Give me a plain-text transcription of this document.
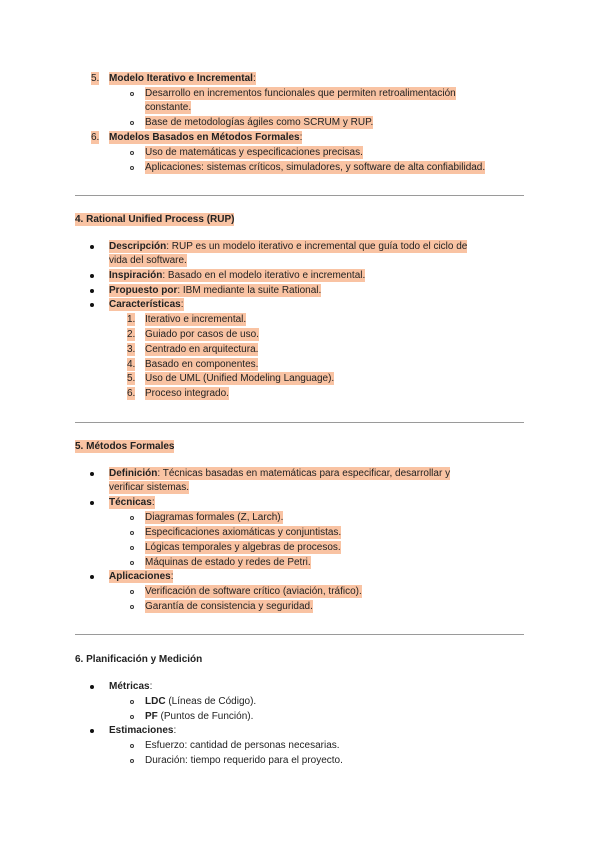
5. Modelo Iterativo e Incremental:
Desarrollo en incrementos funcionales que permiten retroalimentación
constante.
Base de metodologías ágiles como SCRUM y RUP.
6. Modelos Basados en Métodos Formales:
Uso de matemáticas y especificaciones precisas.
Aplicaciones: sistemas críticos, simuladores, y software de alta confiabilidad.
4. Rational Unified Process (RUP)
Descripción: RUP es un modelo iterativo e incremental que guía todo el ciclo de
vida del software.
Inspiración: Basado en el modelo iterativo e incremental.
Propuesto por: IBM mediante la suite Rational.
Características:
1. Iterativo e incremental.
2. Guiado por casos de uso.
3. Centrado en arquitectura.
4. Basado en componentes.
5. Uso de UML (Unified Modeling Language).
6. Proceso integrado.
5. Métodos Formales
Definición: Técnicas basadas en matemáticas para especificar, desarrollar y
verificar sistemas.
Técnicas:
Diagramas formales (Z, Larch).
Especificaciones axiomáticas y conjuntistas.
Lógicas temporales y algebras de procesos.
Máquinas de estado y redes de Petri.
Aplicaciones:
Verificación de software crítico (aviación, tráfico).
Garantía de consistencia y seguridad.
6. Planificación y Medición
Métricas:
LDC (Líneas de Código).
PF (Puntos de Función).
Estimaciones:
Esfuerzo: cantidad de personas necesarias.
Duración: tiempo requerido para el proyecto.
